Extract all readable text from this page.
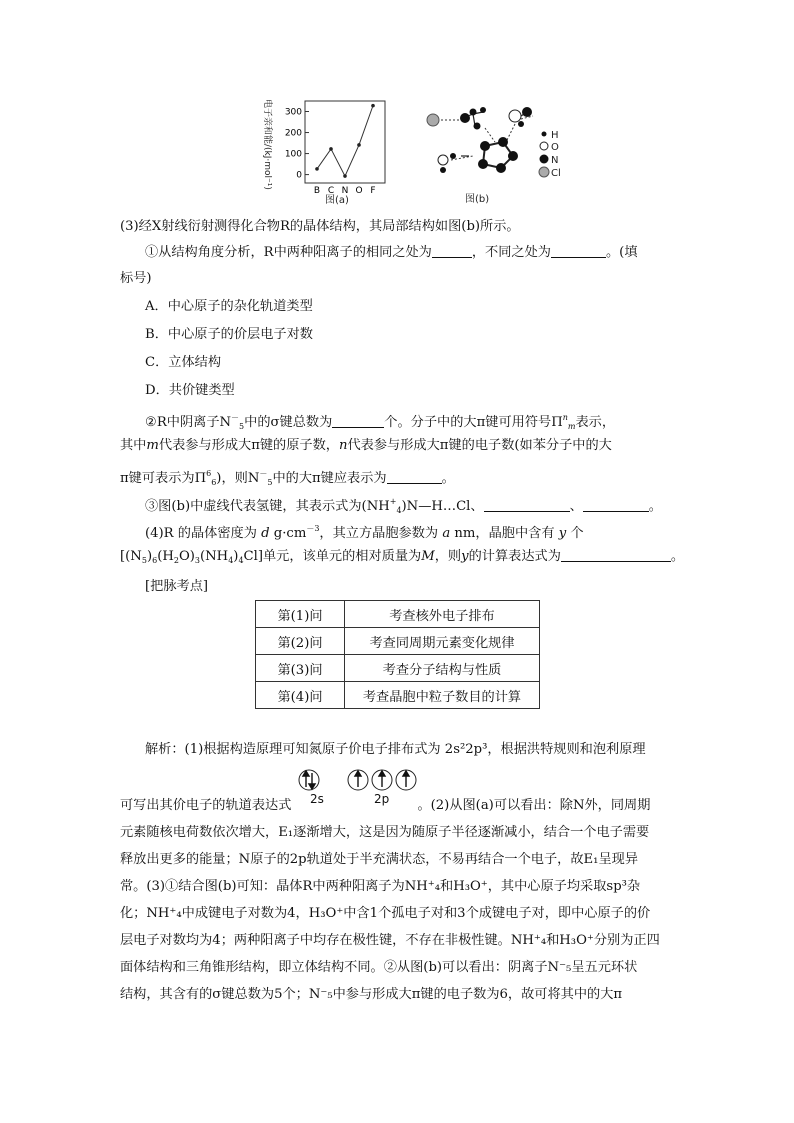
电子亲和能/(kJ·mol⁻¹) 300
200
100
0
B C N O F
图(a)
H
O
N
Cl
图(b)
(3)经X射线衍射测得化合物R的晶体结构，其局部结构如图(b)所示。
①从结构角度分析，R中两种阳离子的相同之处为	，不同之处为	。(填
标号)
A．中心原子的杂化轨道类型
B．中心原子的价层电子对数
C．立体结构
D．共价键类型
②R中阴离子$N^-_5$中的σ键总数为	个。分子中的大π键可用符号$\Pi^n_m$表示，
其中m代表参与形成大π键的原子数，n代表参与形成大π键的电子数(如苯分子中的大
π键可表示为$\Pi^6_6$)，则$N^-_5$中的大π键应表示为	。
③图(b)中虚线代表氢键，其表示式为$(NH^+_4)N—H\dots Cl$、	、	。
(4)R 的晶体密度为 d $g\cdot cm^{-3}$，其立方晶胞参数为 a nm，晶胞中含有 y 个
$[(N_5)_6(H_2O)_3(NH_4)_4Cl]$单元，该单元的相对质量为M，则y的计算表达式为	。
[把脉考点]
第(1)问	考查核外电子排布
第(2)问	考查同周期元素变化规律
第(3)问	考查分子结构与性质
第(4)问	考查晶胞中粒子数目的计算
解析：(1)根据构造原理可知氮原子价电子排布式为 2s²2p³，根据洪特规则和泡利原理
2s	2p
可写出其价电子的轨道表达式	。(2)从图(a)可以看出：除N外，同周期
元素随核电荷数依次增大，E₁逐渐增大，这是因为随原子半径逐渐减小，结合一个电子需要
释放出更多的能量；N原子的2p轨道处于半充满状态，不易再结合一个电子，故E₁呈现异
常。(3)①结合图(b)可知：晶体R中两种阳离子为NH⁺₄和H₃O⁺，其中心原子均采取sp³杂
化；NH⁺₄中成键电子对数为4，H₃O⁺中含1个孤电子对和3个成键电子对，即中心原子的价
层电子对数均为4；两种阳离子中均存在极性键，不存在非极性键。NH⁺₄和H₃O⁺分别为正四
面体结构和三角锥形结构，即立体结构不同。②从图(b)可以看出：阴离子N⁻₅呈五元环状
结构，其含有的σ键总数为5个；N⁻₅中参与形成大π键的电子数为6，故可将其中的大π
